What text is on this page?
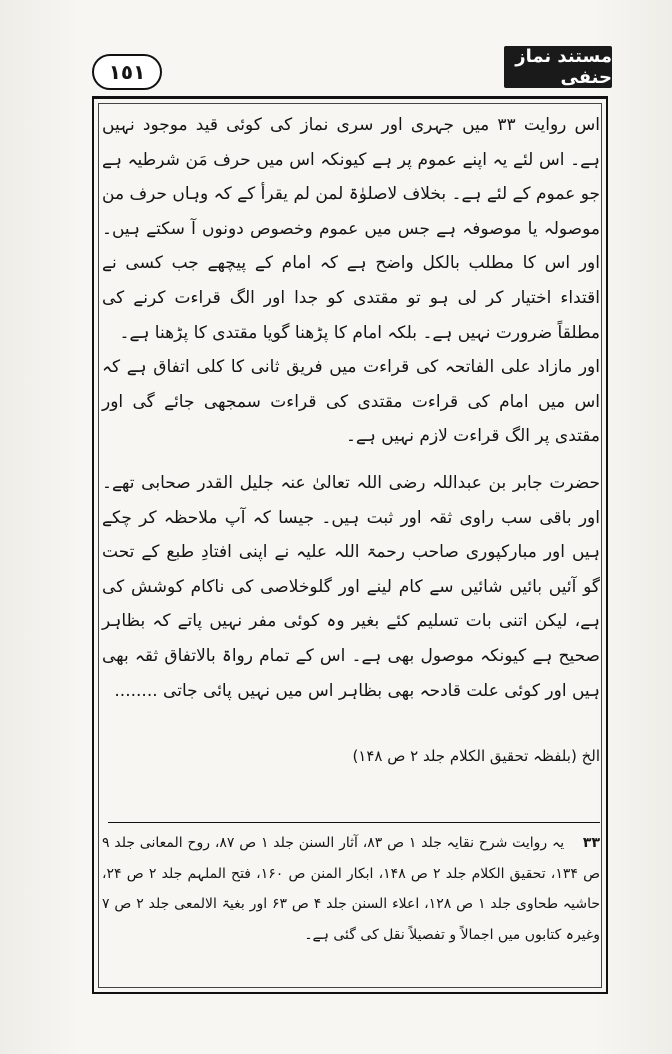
١٥١
مستند نماز حنفی

اس روایت ۳۳ میں جہری اور سری نماز کی کوئی قید موجود نہیں ہے۔ اس لئے یہ اپنے عموم پر ہے کیونکہ اس میں حرف مَن شرطیہ ہے جو عموم کے لئے ہے۔ بخلاف لاصلوٰۃ لمن لم یقرأ کے کہ وہاں حرف من موصولہ یا موصوفہ ہے جس میں عموم وخصوص دونوں آ سکتے ہیں۔ اور اس کا مطلب بالکل واضح ہے کہ امام کے پیچھے جب کسی نے اقتداء اختیار کر لی ہو تو مقتدی کو جدا اور الگ قراءت کرنے کی مطلقاً ضرورت نہیں ہے۔ بلکہ امام کا پڑھنا گویا مقتدی کا پڑھنا ہے۔

اور مازاد علی الفاتحہ کی قراءت میں فریق ثانی کا کلی اتفاق ہے کہ اس میں امام کی قراءت مقتدی کی قراءت سمجھی جائے گی اور مقتدی پر الگ قراءت لازم نہیں ہے۔

حضرت جابر بن عبداللہ رضی اللہ تعالیٰ عنہ جلیل القدر صحابی تھے۔ اور باقی سب راوی ثقہ اور ثبت ہیں۔ جیسا کہ آپ ملاحظہ کر چکے ہیں اور مبارکپوری صاحب رحمۃ اللہ علیہ نے اپنی افتادِ طبع کے تحت گو آئیں بائیں شائیں سے کام لینے اور گلوخلاصی کی ناکام کوشش کی ہے، لیکن اتنی بات تسلیم کئے بغیر وہ کوئی مفر نہیں پاتے کہ بظاہر صحیح ہے کیونکہ موصول بھی ہے۔ اس کے تمام رواۃ بالاتفاق ثقہ بھی ہیں اور کوئی علت قادحہ بھی بظاہر اس میں نہیں پائی جاتی ........

الخ (بلفظہ تحقیق الکلام جلد ۲ ص ۱۴۸)
۳۳ یہ روایت شرح نقایہ جلد ۱ ص ۸۳، آثار السنن جلد ۱ ص ۸۷، روح المعانی جلد ۹ ص ۱۳۴، تحقیق الکلام جلد ۲ ص ۱۴۸، ابکار المنن ص ۱۶۰، فتح الملہم جلد ۲ ص ۲۴، حاشیہ طحاوی جلد ۱ ص ۱۲۸، اعلاء السنن جلد ۴ ص ۶۳ اور بغیۃ الالمعی جلد ۲ ص ۷ وغیرہ کتابوں میں اجمالاً و تفصیلاً نقل کی گئی ہے۔
